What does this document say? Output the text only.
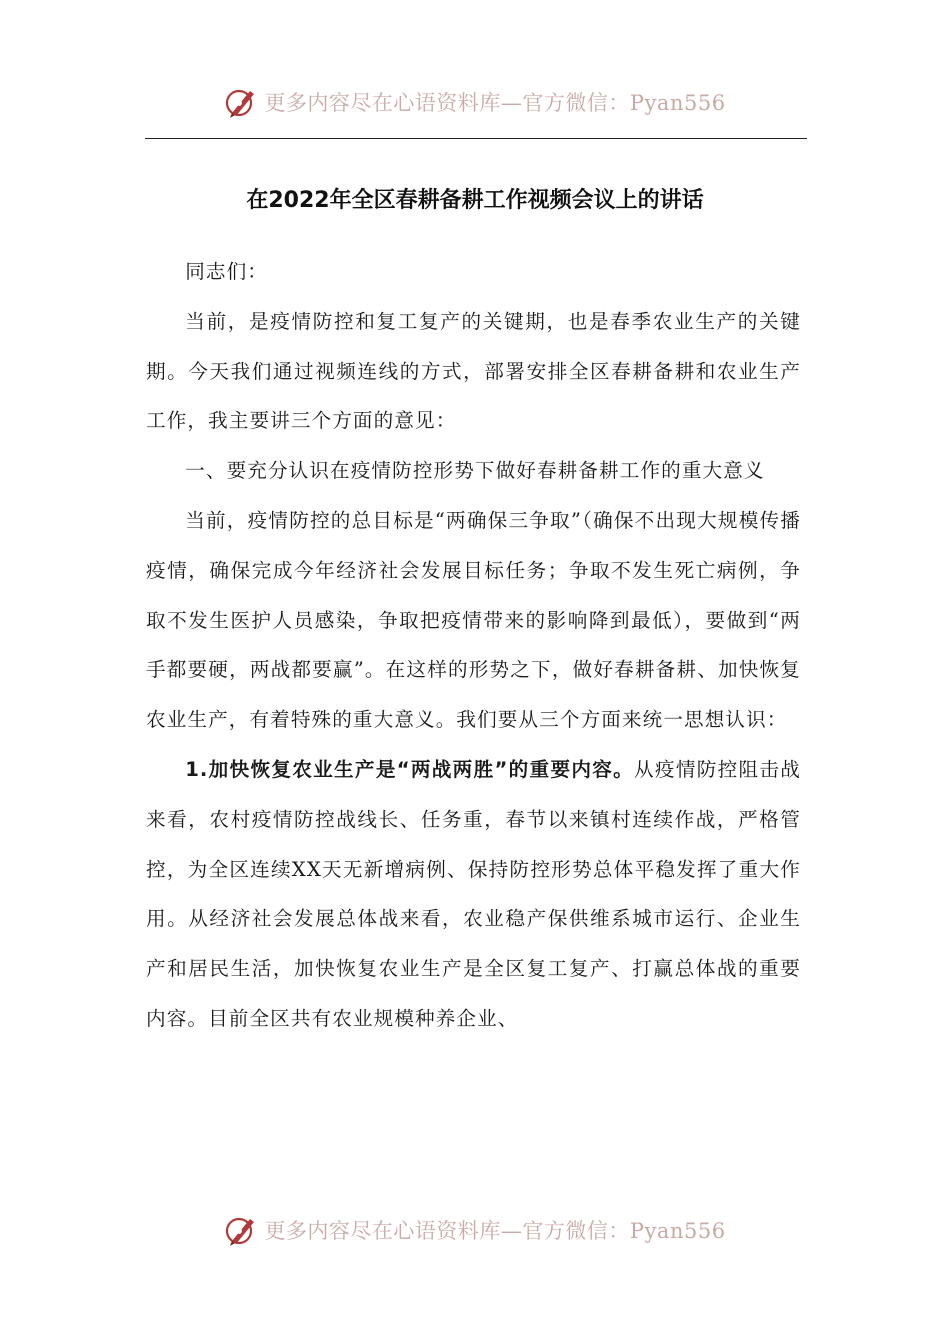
更多内容尽在心语资料库—官方微信：Pyan556
在2022年全区春耕备耕工作视频会议上的讲话

同志们：

当前，是疫情防控和复工复产的关键期，也是春季农业生产的关键期。今天我们通过视频连线的方式，部署安排全区春耕备耕和农业生产工作，我主要讲三个方面的意见：

一、要充分认识在疫情防控形势下做好春耕备耕工作的重大意义

当前，疫情防控的总目标是“两确保三争取”（确保不出现大规模传播疫情，确保完成今年经济社会发展目标任务；争取不发生死亡病例，争取不发生医护人员感染，争取把疫情带来的影响降到最低），要做到“两手都要硬，两战都要赢”。在这样的形势之下，做好春耕备耕、加快恢复农业生产，有着特殊的重大意义。我们要从三个方面来统一思想认识：

1.加快恢复农业生产是“两战两胜”的重要内容。从疫情防控阻击战来看，农村疫情防控战线长、任务重，春节以来镇村连续作战，严格管控，为全区连续XX天无新增病例、保持防控形势总体平稳发挥了重大作用。从经济社会发展总体战来看，农业稳产保供维系城市运行、企业生产和居民生活，加快恢复农业生产是全区复工复产、打赢总体战的重要内容。目前全区共有农业规模种养企业、

更多内容尽在心语资料库—官方微信：Pyan556
